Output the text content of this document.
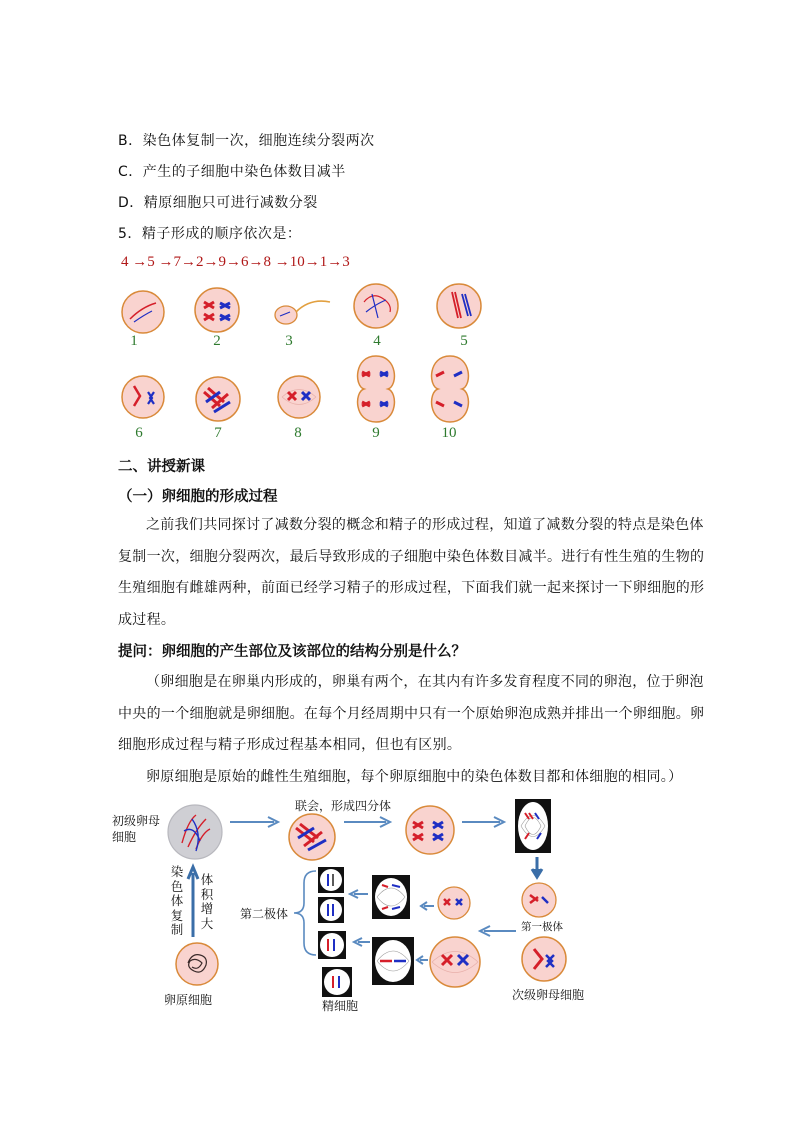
B．染色体复制一次，细胞连续分裂两次
C．产生的子细胞中染色体数目减半
D．精原细胞只可进行减数分裂
5．精子形成的顺序依次是：
4 →5 →7→2→9→6→8 →10→1→3
1	2	3	4	5
6	7	8	9	10
二、讲授新课
（一）卵细胞的形成过程
之前我们共同探讨了减数分裂的概念和精子的形成过程，知道了减数分裂的特点是染色体复制一次，细胞分裂两次，最后导致形成的子细胞中染色体数目减半。进行有性生殖的生物的生殖细胞有雌雄两种，前面已经学习精子的形成过程，下面我们就一起来探讨一下卵细胞的形成过程。
提问：卵细胞的产生部位及该部位的结构分别是什么？
（卵细胞是在卵巢内形成的，卵巢有两个，在其内有许多发育程度不同的卵泡，位于卵泡中央的一个细胞就是卵细胞。在每个月经周期中只有一个原始卵泡成熟并排出一个卵细胞。卵细胞形成过程与精子形成过程基本相同，但也有区别。
卵原细胞是原始的雌性生殖细胞，每个卵原细胞中的染色体数目都和体细胞的相同。）
初级卵母细胞
联会，形成四分体
第一极体
次级卵母细胞
第二极体
精细胞
染色体复制
体积增大
卵原细胞
